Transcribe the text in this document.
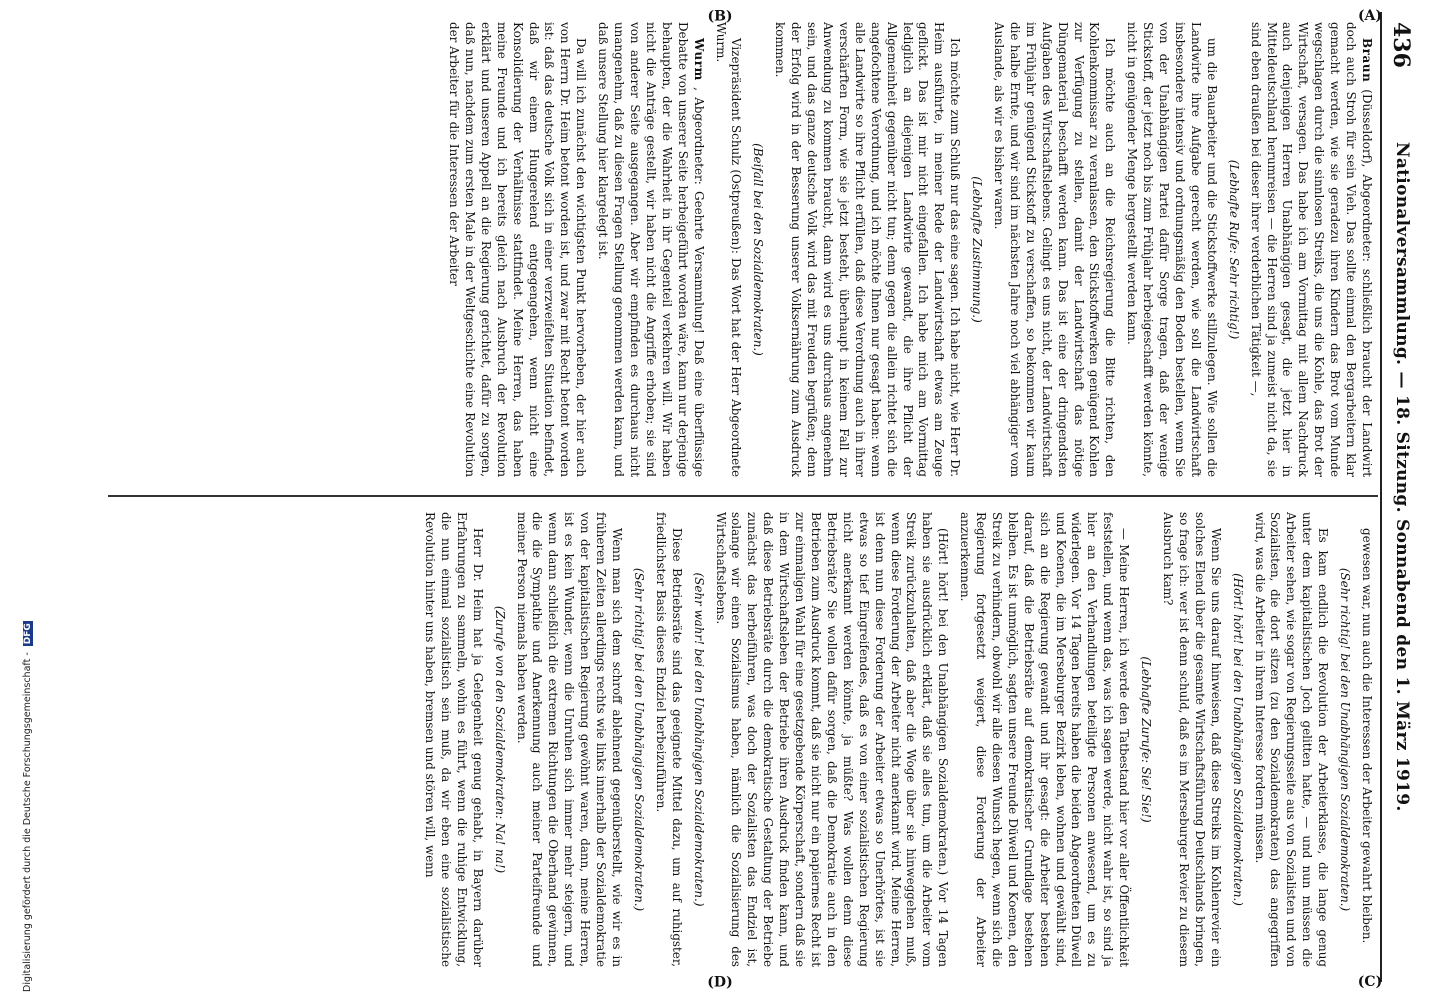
436
Nationalversammlung. — 18. Sitzung. Sonnabend den 1. März 1919.
(A)
(B)
(C)
(D)

Braun (Düsseldorf), Abgeordneter: schließlich braucht der Landwirt doch auch Stroh für sein Vieh. Das sollte einmal den Bergarbeitern klar gemacht werden, wie sie geradezu ihren Kindern das Brot vom Munde wegschlagen durch die sinnlosen Streiks, die uns die Kohle, das Brot der Wirtschaft, versagen. Das habe ich am Vormittag mit allem Nachdruck auch denjenigen Herren Unabhängigen gesagt, die jetzt hier in Mitteldeutschland herumreisen — die Herren sind ja zumeist nicht da, sie sind eben draußen bei dieser ihrer verderblichen Tätigkeit —,

(Lebhafte Rufe: Sehr richtig!)

um die Bauarbeiter und die Stickstoffwerke stillzulegen. Wie sollen die Landwirte ihre Aufgabe gerecht werden, wie soll die Landwirtschaft insbesondere intensiv und ordnungsmäßig den Boden bestellen, wenn Sie von der Unabhängigen Partei dafür Sorge tragen, daß der wenige Stickstoff, der jetzt noch bis zum Frühjahr herbeigeschafft werden könnte, nicht in genügender Menge hergestellt werden kann.

Ich möchte auch an die Reichsregierung die Bitte richten, den Kohlenkommissar zu veranlassen, den Stickstoffwerken genügend Kohlen zur Verfügung zu stellen, damit der Landwirtschaft das nötige Düngematerial beschafft werden kann. Das ist eine der dringendsten Aufgaben des Wirtschaftslebens. Gelingt es uns nicht, der Landwirtschaft im Frühjahr genügend Stickstoff zu verschaffen, so bekommen wir kaum die halbe Ernte, und wir sind im nächsten Jahre noch viel abhängiger vom Auslande, als wir es bisher waren.

(Lebhafte Zustimmung.)

Ich möchte zum Schluß nur das eine sagen. Ich habe nicht, wie Herr Dr. Heim ausführte, in meiner Rede der Landwirtschaft etwas am Zeuge geflickt. Das ist mir nicht eingefallen. Ich habe mich am Vormittag lediglich an diejenigen Landwirte gewandt, die ihre Pflicht der Allgemeinheit gegenüber nicht tun; denn gegen die allein richtet sich die angefochtene Verordnung, und ich möchte Ihnen nur gesagt haben: wenn alle Landwirte so ihre Pflicht erfüllen, daß diese Verordnung auch in ihrer verschärften Form, wie sie jetzt besteht, überhaupt in keinem Fall zur Anwendung zu kommen braucht, dann wird es uns durchaus angenehm sein, und das ganze deutsche Volk wird das mit Freuden begrüßen; denn der Erfolg wird in der Besserung unserer Volksernährung zum Ausdruck kommen.

(Beifall bei den Sozialdemokraten.)

Vizepräsident Schulz (Ostpreußen): Das Wort hat der Herr Abgeordnete Wurm.

Wurm , Abgeordneter: Geehrte Versammlung! Daß eine überflüssige Debatte von unserer Seite herbeigeführt worden wäre, kann nur derjenige behaupten, der die Wahrheit in ihr Gegenteil verkehren will. Wir haben nicht die Anträge gestellt, wir haben nicht die Angriffe erhoben; sie sind von anderer Seite ausgegangen. Aber wir empfinden es durchaus nicht unangenehm, daß zu diesen Fragen Stellung genommen werden kann, und daß unsere Stellung hier klargelegt ist.

Da will ich zunächst den wichtigsten Punkt hervorheben, der hier auch von Herrn Dr. Heim betont worden ist, und zwar mit Recht betont worden ist: daß das deutsche Volk sich in einer verzweifelten Situation befindet, daß wir einem Hungerelend entgegengehen, wenn nicht eine Konsolidierung der Verhältnisse stattfindet. Meine Herren, das haben meine Freunde und ich bereits gleich nach Ausbruch der Revolution erklärt und unseren Appell an die Regierung gerichtet, dafür zu sorgen, daß nun, nachdem zum ersten Male in der Weltgeschichte eine Revolution der Arbeiter für die Interessen der Arbeiter

gewesen war, nun auch die Interessen der Arbeiter gewahrt bleiben.

(Sehr richtig! bei den Unabhängigen Sozialdemokraten.)

Es kam endlich die Revolution der Arbeiterklasse, die lange genug unter dem kapitalistischen Joch gelitten hatte, — und nun müssen die Arbeiter sehen, wie sogar von Regierungsseite aus von Sozialisten und von Sozialisten, die dort sitzen (zu den Sozialdemokraten) das angegriffen wird, was die Arbeiter in ihrem Interesse fordern müssen.

(Hört! hört! bei den Unabhängigen Sozialdemokraten.)

Wenn Sie uns darauf hinweisen, daß diese Streiks im Kohlenrevier ein solches Elend über die gesamte Wirtschaftsführung Deutschlands bringen, so frage ich: wer ist denn schuld, daß es im Merseburger Revier zu diesem Ausbruch kam?

(Lebhafte Zurufe: Sie! Sie!)

— Meine Herren, ich werde den Tatbestand hier vor aller Öffentlichkeit feststellen, und wenn das, was ich sagen werde, nicht wahr ist, so sind ja hier an den Verhandlungen beteiligte Personen anwesend, um es zu widerlegen. Vor 14 Tagen bereits haben die beiden Abgeordneten Düwell und Koenen, die im Merseburger Bezirk leben, wohnen und gewählt sind, sich an die Regierung gewandt und ihr gesagt: die Arbeiter bestehen darauf, daß die Betriebsräte auf demokratischer Grundlage bestehen bleiben. Es ist unmöglich, sagten unsere Freunde Düwell und Koenen, den Streik zu verhindern, obwohl wir alle diesen Wunsch hegen, wenn sich die Regierung fortgesetzt weigert, diese Forderung der Arbeiter anzuerkennen.

(Hört! hört! bei den Unabhängigen Sozialdemokraten.) Vor 14 Tagen haben sie ausdrücklich erklärt, daß sie alles tun, um die Arbeiter vom Streik zurückzuhalten, daß aber die Woge über sie hinweggehen muß, wenn diese Forderung der Arbeiter nicht anerkannt wird. Meine Herren, ist denn nun diese Forderung der Arbeiter etwas so Unerhörtes, ist sie etwas so tief Eingreifendes, daß es von einer sozialistischen Regierung nicht anerkannt werden könnte, ja müßte? Was wollen denn diese Betriebsräte? Sie wollen dafür sorgen, daß die Demokratie auch in den Betrieben zum Ausdruck kommt, daß sie nicht nur ein papiernes Recht ist zur einmaligen Wahl für eine gesetzgebende Körperschaft, sondern daß sie in dem Wirtschaftsleben der Betriebe ihren Ausdruck finden kann, und daß diese Betriebsräte durch die demokratische Gestaltung der Betriebe zunächst das herbeiführen, was doch der Sozialisten das Endziel ist, solange wir einen Sozialismus haben, nämlich die Sozialisierung des Wirtschaftslebens.

(Sehr wahr! bei den Unabhängigen Sozialdemokraten.)

Diese Betriebsräte sind das geeignete Mittel dazu, um auf ruhigster, friedlichster Basis dieses Endziel herbeizuführen.

(Sehr richtig! bei den Unabhängigen Sozialdemokraten.)

Wenn man sich dem schroff ablehnend gegenüberstellt, wie wir es in früheren Zeiten allerdings rechts wie links innerhalb der Sozialdemokratie von der kapitalistischen Regierung gewöhnt waren, dann, meine Herren, ist es kein Wunder, wenn die Unruhen sich immer mehr steigern, und wenn dann schließlich die extremen Richtungen die Oberhand gewinnen, die die Sympathie und Anerkennung auch meiner Parteifreunde und meiner Person niemals haben werden.

(Zurufe von den Sozialdemokraten: Na! na!)

Herr Dr. Heim hat ja Gelegenheit genug gehabt, in Bayern darüber Erfahrungen zu sammeln, wohin es führt, wenn die ruhige Entwicklung, die nun einmal sozialistisch sein muß, da wir eben eine sozialistische Revolution hinter uns haben, bremsen und stören will, wenn

Digitalisierung gefördert durch die Deutsche Forschungsgemeinschaft -DFG
